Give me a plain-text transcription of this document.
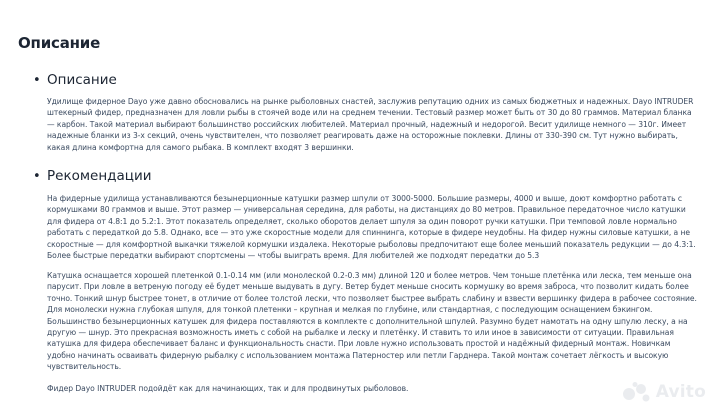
Описание
• Описание

Удилище фидерное Dayo уже давно обосновались на рынке рыболовных снастей, заслужив репутацию одних из самых бюджетных и надежных. Dayo INTRUDER штекерный фидер, предназначен для ловли рыбы в стоячей воде или на среднем течении. Тестовый размер может быть от 30 до 80 граммов. Материал бланка — карбон. Такой материал выбирают большинство российских любителей. Материал прочный, надежный и недорогой. Весит удилище немного — 310г. Имеет надежные бланки из 3-х секций, очень чувствителен, что позволяет реагировать даже на осторожные поклевки. Длины от 330-390 см. Тут нужно выбирать, какая длина комфортна для самого рыбака. В комплект входят 3 вершинки.

• Рекомендации

На фидерные удилища устанавливаются безынерционные катушки размер шпули от 3000-5000. Большие размеры, 4000 и выше, доют комфортно работать с кормушками 80 граммов и выше. Этот размер — универсальная середина, для работы, на дистанциях до 80 метров. Правильное передаточное число катушки для фидера от 4.8:1 до 5.2:1. Этот показатель определяет, сколько оборотов делает шпуля за один поворот ручки катушки. При темповой ловле нормально работать с передаткой до 5.8. Однако, все — это уже скоростные модели для спиннинга, которые в фидере неудобны. На фидер нужны силовые катушки, а не скоростные — для комфортной выкачки тяжелой кормушки издалека. Некоторые рыболовы предпочитают еще более меньший показатель редукции — до 4.3:1. Более быстрые передатки выбирают спортсмены — чтобы выиграть время. Для любителей же подходят передатки до 5.3

Катушка оснащается хорошей плетенкой 0.1-0.14 мм (или монолеской 0.2-0.3 мм) длиной 120 и более метров. Чем тоньше плетёнка или леска, тем меньше она парусит. При ловле в ветреную погоду её будет меньше выдувать в дугу. Ветер будет меньше сносить кормушку во время заброса, что позволит кидать более точно. Тонкий шнур быстрее тонет, в отличие от более толстой лески, что позволяет быстрее выбрать слабину и взвести вершинку фидера в рабочее состояние. Для монолески нужна глубокая шпуля, для тонкой плетенки – крупная и мелкая по глубине, или стандартная, с последующим оснащением бэкингом. Большинство безынерционных катушек для фидера поставляются в комплекте с дополнительной шпулей. Разумно будет намотать на одну шпулю леску, а на другую — шнур. Это прекрасная возможность иметь с собой на рыбалке и леску и плетёнку. И ставить то или иное в зависимости от ситуации. Правильная катушка для фидера обеспечивает баланс и функциональность снасти. При ловле нужно использовать простой и надёжный фидерный монтаж. Новичкам удобно начинать осваивать фидерную рыбалку с использованием монтажа Патерностер или петли Гарднера. Такой монтаж сочетает лёгкость и высокую чувствительность.

Фидер Dayo INTRUDER подойдёт как для начинающих, так и для продвинутых рыболовов.	Avito
